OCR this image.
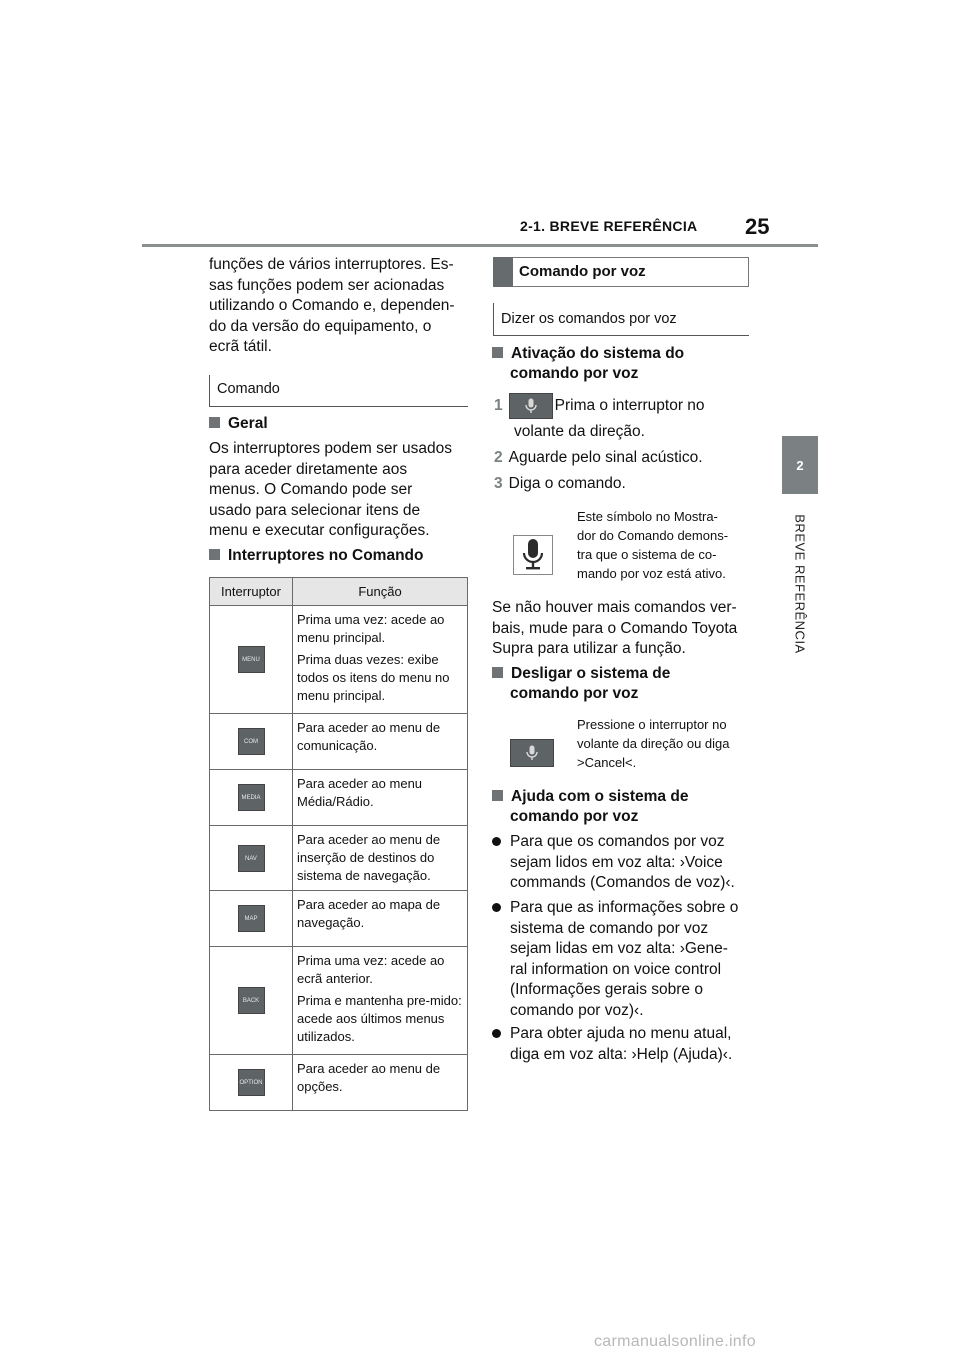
2-1. BREVE REFERÊNCIA 25
2
BREVE REFERÊNCIA
funções de vários interruptores. Es-
sas funções podem ser acionadas
utilizando o Comando e, dependen-
do da versão do equipamento, o
ecrã tátil.
Comando
Geral
Os interruptores podem ser usados
para aceder diretamente aos
menus. O Comando pode ser
usado para selecionar itens de
menu e executar configurações.
Interruptores no Comando
Interruptor	Função
MENU	Prima uma vez: acede ao menu principal.

Prima duas vezes: exibe todos os itens do menu no menu principal.

COM	Para aceder ao menu de comunicação.

MEDIA	Para aceder ao menu Média/Rádio.

NAV	Para aceder ao menu de inserção de destinos do sistema de navegação.

MAP	Para aceder ao mapa de navegação.

BACK	Prima uma vez: acede ao ecrã anterior.

Prima e mantenha pre-mido: acede aos últimos menus utilizados.

OPTION	Para aceder ao menu de opções.

Comando por voz
Dizer os comandos por voz
Ativação do sistema do
comando por voz
1	Prima o interruptor no
volante da direção.
2 Aguarde pelo sinal acústico.
3 Diga o comando.
Este símbolo no Mostra-
dor do Comando demons-
tra que o sistema de co-
mando por voz está ativo.
Se não houver mais comandos ver-
bais, mude para o Comando Toyota
Supra para utilizar a função.
Desligar o sistema de
comando por voz
Pressione o interruptor no
volante da direção ou diga
>Cancel<.
Ajuda com o sistema de
comando por voz
Para que os comandos por voz
sejam lidos em voz alta: ›Voice
commands (Comandos de voz)‹.
Para que as informações sobre o
sistema de comando por voz
sejam lidas em voz alta: ›Gene-
ral information on voice control
(Informações gerais sobre o
comando por voz)‹.
Para obter ajuda no menu atual,
diga em voz alta: ›Help (Ajuda)‹.
carmanualsonline.info
